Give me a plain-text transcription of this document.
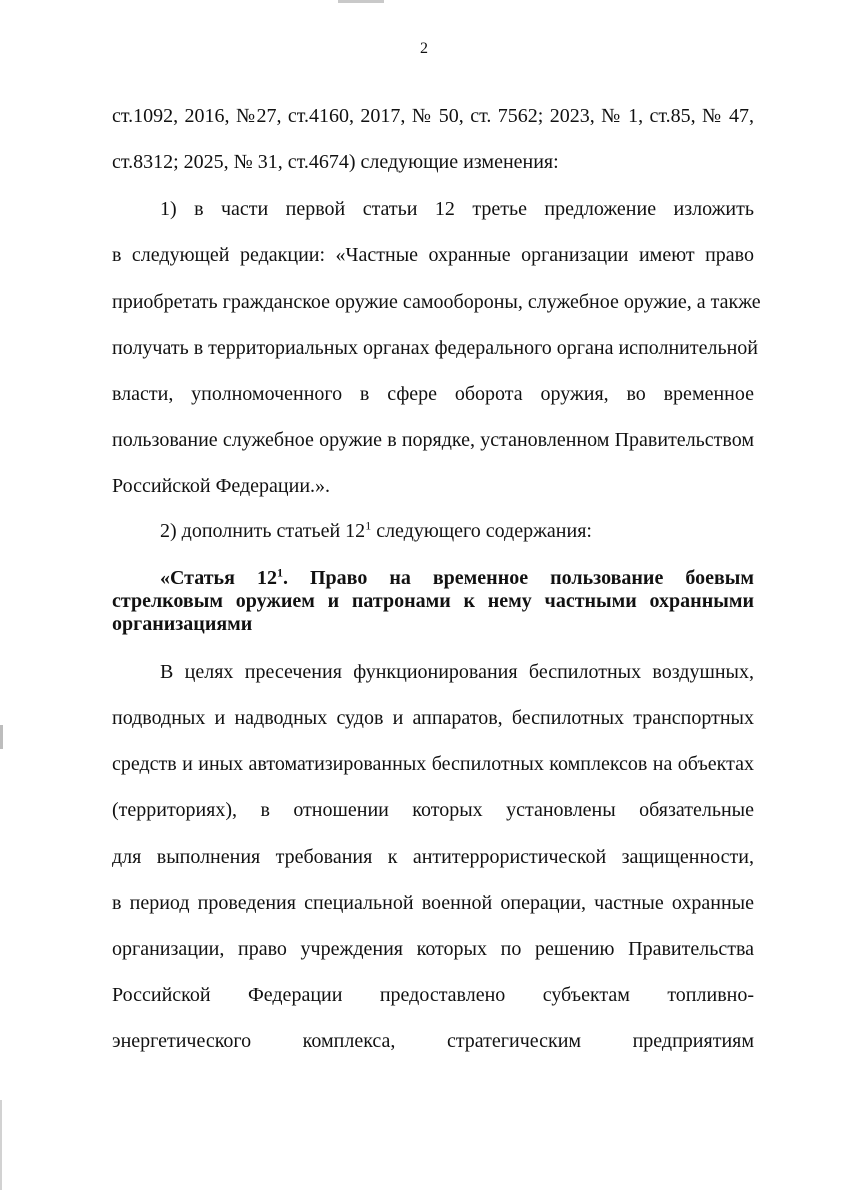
2
ст.1092, 2016, №27, ст.4160, 2017, № 50, ст. 7562; 2023, № 1, ст.85, № 47,
ст.8312; 2025, № 31, ст.4674) следующие изменения:
1) в части первой статьи 12 третье предложение изложить
в следующей редакции: «Частные охранные организации имеют право
приобретать гражданское оружие самообороны, служебное оружие, а также
получать в территориальных органах федерального органа исполнительной
власти, уполномоченного в сфере оборота оружия, во временное
пользование служебное оружие в порядке, установленном Правительством
Российской Федерации.».
2) дополнить статьей $12^1$ следующего содержания:
«Статья $12^1$. Право на временное пользование боевым
стрелковым оружием и патронами к нему частными охранными
организациями
В целях пресечения функционирования беспилотных воздушных,
подводных и надводных судов и аппаратов, беспилотных транспортных
средств и иных автоматизированных беспилотных комплексов на объектах
(территориях), в отношении которых установлены обязательные
для выполнения требования к антитеррористической защищенности,
в период проведения специальной военной операции, частные охранные
организации, право учреждения которых по решению Правительства
Российской Федерации предоставлено субъектам топливно-
энергетического комплекса, стратегическим предприятиям
